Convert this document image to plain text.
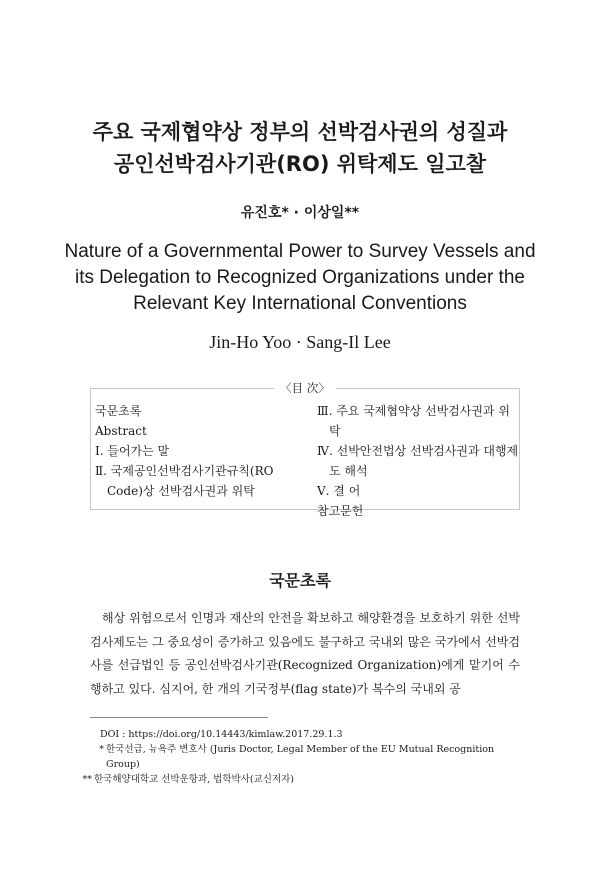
주요 국제협약상 정부의 선박검사권의 성질과
공인선박검사기관(RO) 위탁제도 일고찰
유진호* · 이상일**
Nature of a Governmental Power to Survey Vessels and
its Delegation to Recognized Organizations under the
Relevant Key International Conventions
Jin-Ho Yoo · Sang-Il Lee
〈目 次〉

국문초록

Abstract

Ⅰ. 들어가는 말

Ⅱ. 국제공인선박검사기관규칙(RO Code)상 선박검사권과 위탁

Ⅲ. 주요 국제협약상 선박검사권과 위탁

Ⅳ. 선박안전법상 선박검사권과 대행제도 해석

Ⅴ. 결 어

참고문헌

국문초록

해상 위험으로서 인명과 재산의 안전을 확보하고 해양환경을 보호하기 위한 선박검사제도는 그 중요성이 증가하고 있음에도 불구하고 국내외 많은 국가에서 선박검사를 선급법인 등 공인선박검사기관(Recognized Organization)에게 맡기어 수행하고 있다. 심지어, 한 개의 기국정부(flag state)가 복수의 국내외 공

DOI : https://doi.org/10.14443/kimlaw.2017.29.1.3

* 한국선급, 뉴욕주 변호사 (Juris Doctor, Legal Member of the EU Mutual Recognition

Group)

** 한국해양대학교 선박운항과, 법학박사(교신저자)
